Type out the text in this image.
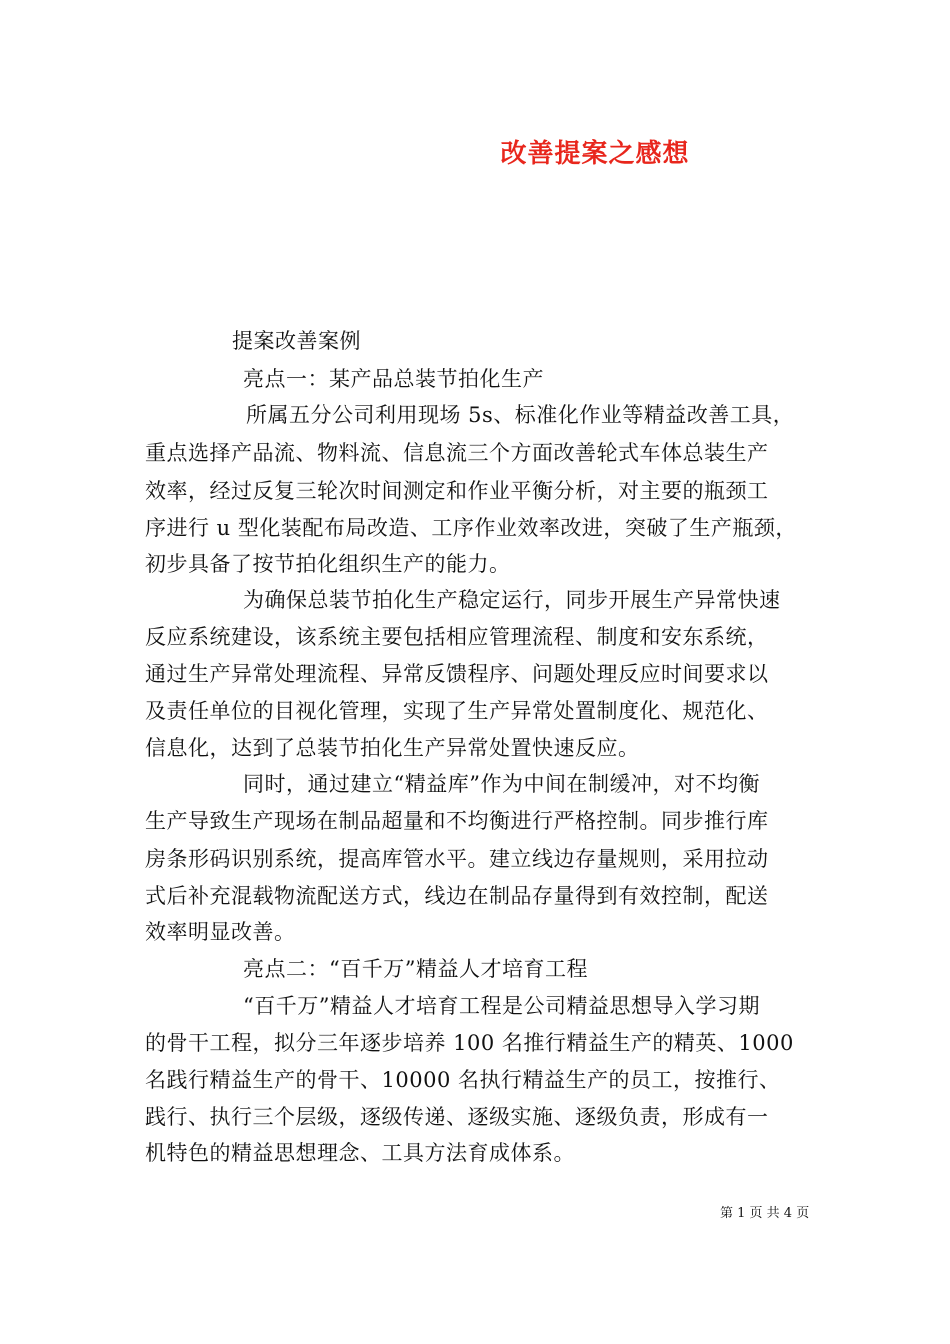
改善提案之感想
提案改善案例
亮点一：某产品总装节拍化生产
所属五分公司利用现场 5s、标准化作业等精益改善工具，
重点选择产品流、物料流、信息流三个方面改善轮式车体总装生产
效率，经过反复三轮次时间测定和作业平衡分析，对主要的瓶颈工
序进行 u 型化装配布局改造、工序作业效率改进，突破了生产瓶颈，
初步具备了按节拍化组织生产的能力。
为确保总装节拍化生产稳定运行，同步开展生产异常快速
反应系统建设，该系统主要包括相应管理流程、制度和安东系统，
通过生产异常处理流程、异常反馈程序、问题处理反应时间要求以
及责任单位的目视化管理，实现了生产异常处置制度化、规范化、
信息化，达到了总装节拍化生产异常处置快速反应。
同时，通过建立“精益库”作为中间在制缓冲，对不均衡
生产导致生产现场在制品超量和不均衡进行严格控制。同步推行库
房条形码识别系统，提高库管水平。建立线边存量规则，采用拉动
式后补充混载物流配送方式，线边在制品存量得到有效控制，配送
效率明显改善。
亮点二：“百千万”精益人才培育工程
“百千万”精益人才培育工程是公司精益思想导入学习期
的骨干工程，拟分三年逐步培养 100 名推行精益生产的精英、1000
名践行精益生产的骨干、10000 名执行精益生产的员工，按推行、
践行、执行三个层级，逐级传递、逐级实施、逐级负责，形成有一
机特色的精益思想理念、工具方法育成体系。
第 1 页 共 4 页
